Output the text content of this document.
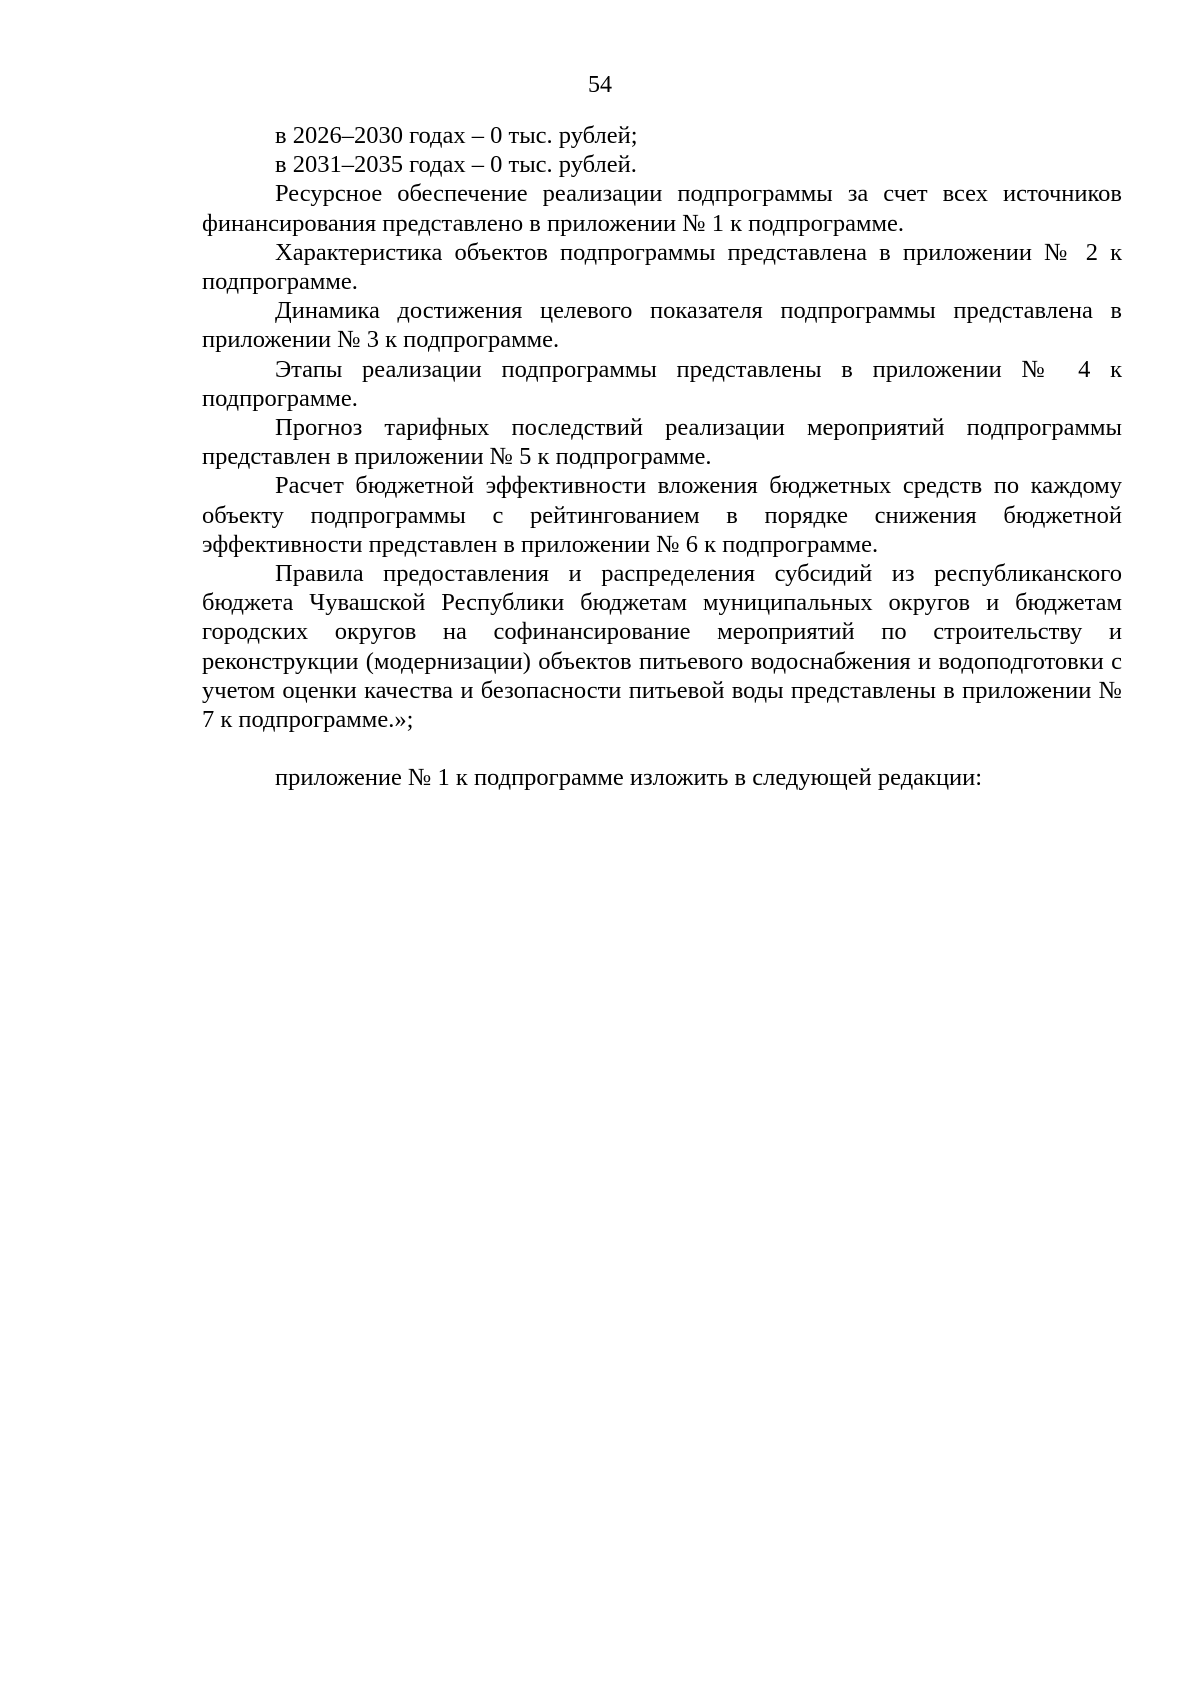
54

в 2026–2030 годах – 0 тыс. рублей;

в 2031–2035 годах – 0 тыс. рублей.

Ресурсное обеспечение реализации подпрограммы за счет всех источников финансирования представлено в приложении № 1 к подпрограмме.

Характеристика объектов подпрограммы представлена в приложении № 2 к подпрограмме.

Динамика достижения целевого показателя подпрограммы представлена в приложении № 3 к подпрограмме.

Этапы реализации подпрограммы представлены в приложении № 4 к подпрограмме.

Прогноз тарифных последствий реализации мероприятий подпрограммы представлен в приложении № 5 к подпрограмме.

Расчет бюджетной эффективности вложения бюджетных средств по каждому объекту подпрограммы с рейтингованием в порядке снижения бюджетной эффективности представлен в приложении № 6 к подпрограмме.

Правила предоставления и распределения субсидий из республиканского бюджета Чувашской Республики бюджетам муниципальных округов и бюджетам городских округов на софинансирование мероприятий по строительству и реконструкции (модернизации) объектов питьевого водоснабжения и водоподготовки с учетом оценки качества и безопасности питьевой воды представлены в приложении № 7 к подпрограмме.»;

приложение № 1 к подпрограмме изложить в следующей редакции:
